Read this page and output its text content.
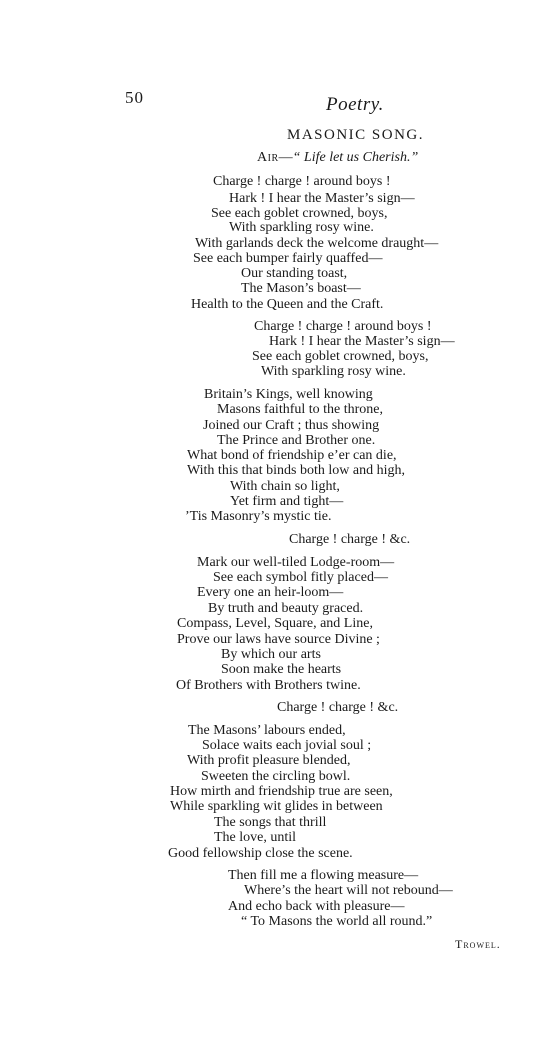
50	Poetry.
MASONIC SONG.
Air—“ Life let us Cherish.”
Charge ! charge ! around boys !
Hark ! I hear the Master’s sign—
See each goblet crowned, boys,
With sparkling rosy wine.
With garlands deck the welcome draught—
See each bumper fairly quaffed—
Our standing toast,
The Mason’s boast—
Health to the Queen and the Craft.
Charge ! charge ! around boys !
Hark ! I hear the Master’s sign—
See each goblet crowned, boys,
With sparkling rosy wine.
Britain’s Kings, well knowing
Masons faithful to the throne,
Joined our Craft ; thus showing
The Prince and Brother one.
What bond of friendship e’er can die,
With this that binds both low and high,
With chain so light,
Yet firm and tight—
’Tis Masonry’s mystic tie.
Charge ! charge ! &c.
Mark our well-tiled Lodge-room—
See each symbol fitly placed—
Every one an heir-loom—
By truth and beauty graced.
Compass, Level, Square, and Line,
Prove our laws have source Divine ;
By which our arts
Soon make the hearts
Of Brothers with Brothers twine.
Charge ! charge ! &c.
The Masons’ labours ended,
Solace waits each jovial soul ;
With profit pleasure blended,
Sweeten the circling bowl.
How mirth and friendship true are seen,
While sparkling wit glides in between
The songs that thrill
The love, until
Good fellowship close the scene.
Then fill me a flowing measure—
Where’s the heart will not rebound—
And echo back with pleasure—
“ To Masons the world all round.”
Trowel.
